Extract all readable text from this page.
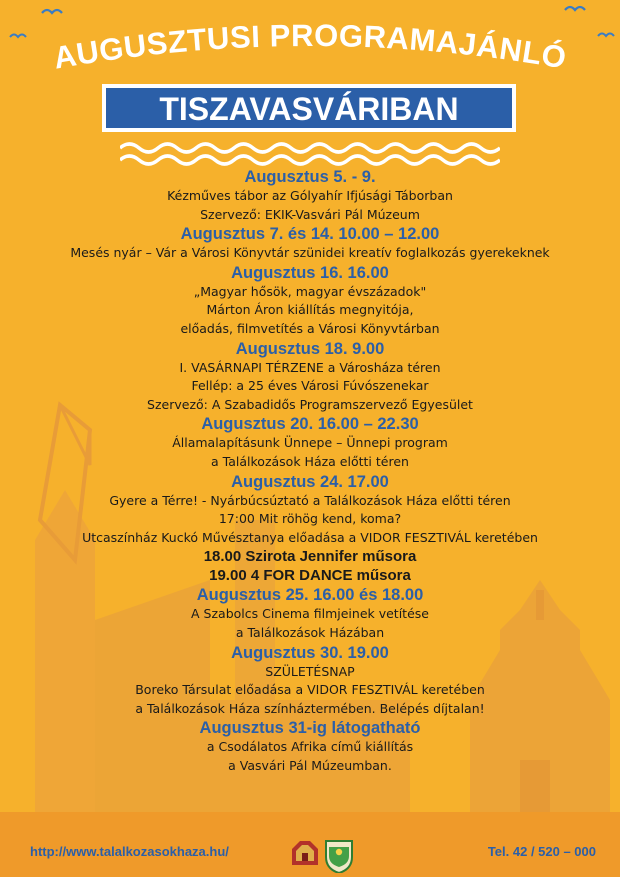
AUGUSZTUSI PROGRAMAJÁNLÓ
TISZAVASVÁRIBAN
Augusztus 5. - 9.
Kézműves tábor az Gólyahír Ifjúsági Táborban
Szervező: EKIK-Vasvári Pál Múzeum
Augusztus 7. és 14. 10.00 – 12.00
Mesés nyár – Vár a Városi Könyvtár szünidei kreatív foglalkozás gyerekeknek
Augusztus 16. 16.00
„Magyar hősök, magyar évszázadok"
Márton Áron kiállítás megnyitója,
előadás, filmvetítés a Városi Könyvtárban
Augusztus 18. 9.00
I. VASÁRNAPI TÉRZENE a Városháza téren
Fellép: a 25 éves Városi Fúvószenekar
Szervező: A Szabadidős Programszervező Egyesület
Augusztus 20. 16.00 – 22.30
Államalapításunk Ünnepe – Ünnepi program
a Találkozások Háza előtti téren
Augusztus 24. 17.00
Gyere a Térre! - Nyárbúcsúztató a Találkozások Háza előtti téren
17:00 Mit röhög kend, koma?
Utcaszínház Kuckó Művésztanya előadása a VIDOR FESZTIVÁL keretében
18.00 Szirota Jennifer műsora
19.00 4 FOR DANCE műsora
Augusztus 25. 16.00 és 18.00
A Szabolcs Cinema filmjeinek vetítése
a Találkozások Házában
Augusztus 30. 19.00
SZÜLETÉSNAP
Boreko Társulat előadása a VIDOR FESZTIVÁL keretében
a Találkozások Háza színháztermében. Belépés díjtalan!
Augusztus 31-ig látogatható
a Csodálatos Afrika című kiállítás
a Vasvári Pál Múzeumban.
http://www.talalkozasokhaza.hu/	Tel. 42 / 520 – 000
